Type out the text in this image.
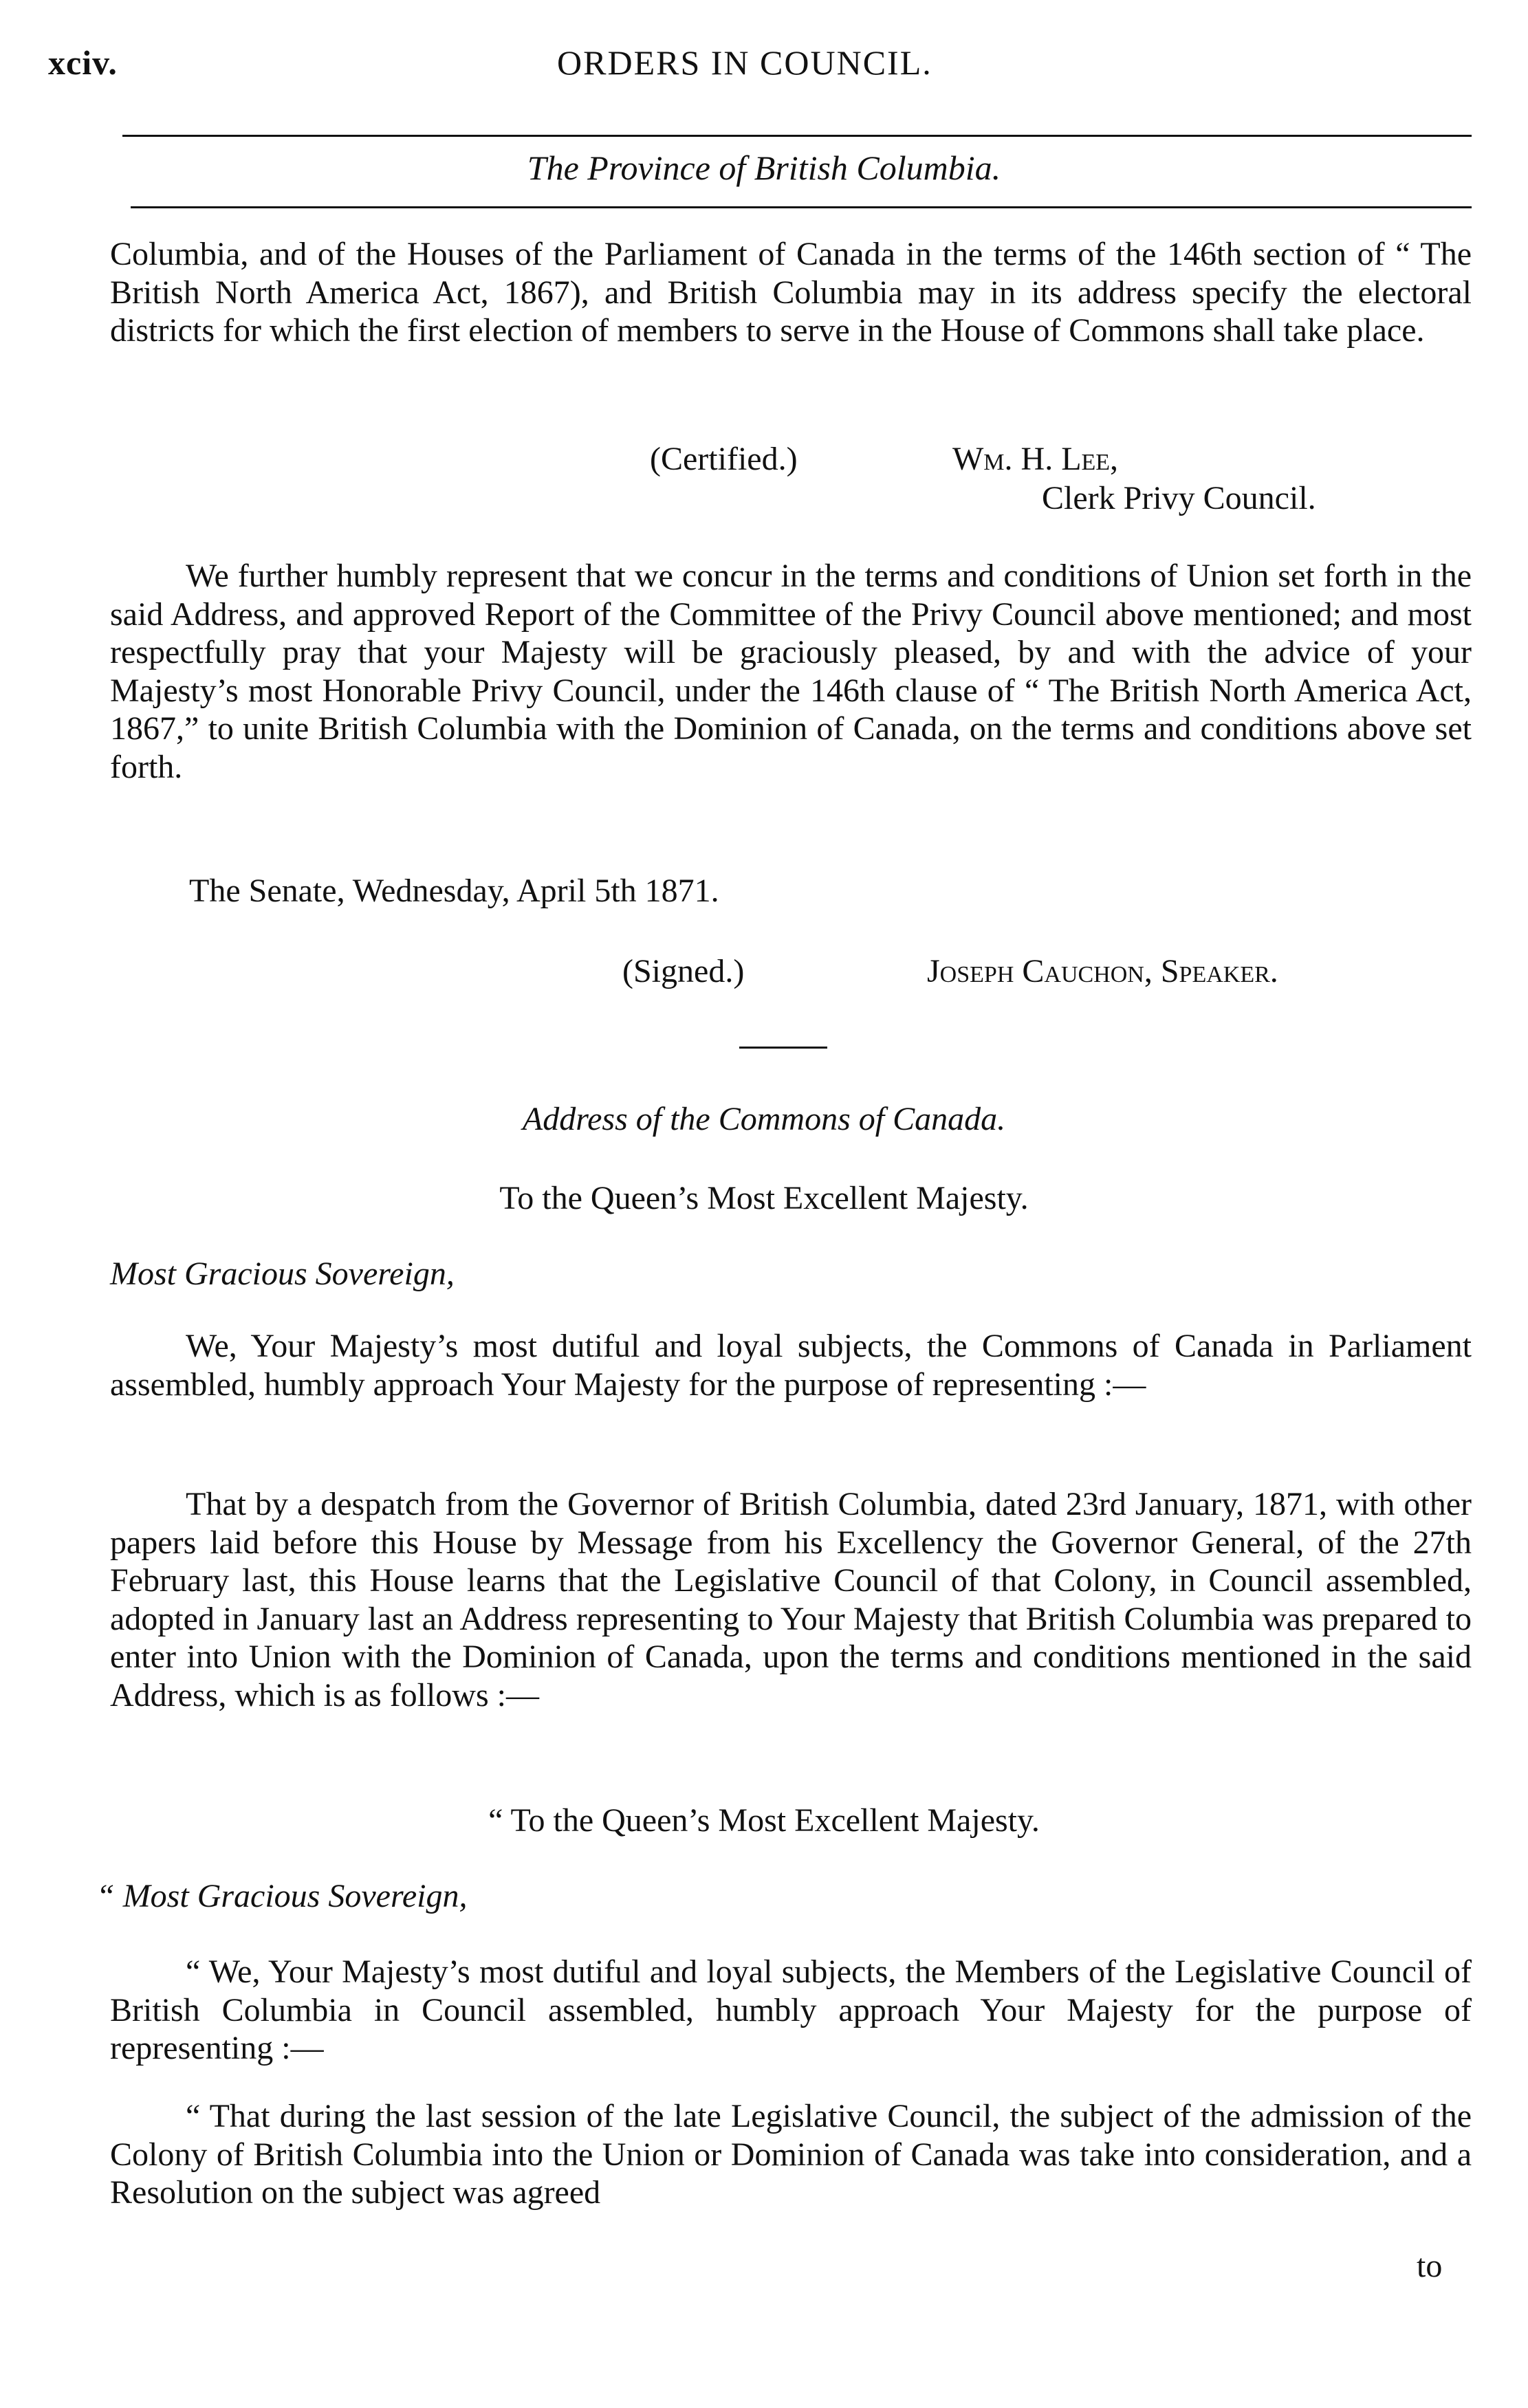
xciv.	ORDERS IN COUNCIL.
The Province of British Columbia.
Columbia, and of the Houses of the Parliament of Canada in the terms of the 146th section of “ The British North America Act, 1867), and British Columbia may in its address specify the electoral districts for which the first election of members to serve in the House of Commons shall take place.
(Certified.)	Wm. H. Lee,
Clerk Privy Council.
We further humbly represent that we concur in the terms and conditions of Union set forth in the said Address, and approved Report of the Committee of the Privy Council above mentioned; and most respectfully pray that your Majesty will be graciously pleased, by and with the advice of your Majesty’s most Honorable Privy Council, under the 146th clause of “ The British North America Act, 1867,” to unite British Columbia with the Dominion of Canada, on the terms and conditions above set forth.
The Senate, Wednesday, April 5th 1871.
(Signed.)	Joseph Cauchon, Speaker.
Address of the Commons of Canada.
To the Queen’s Most Excellent Majesty.
Most Gracious Sovereign,
We, Your Majesty’s most dutiful and loyal subjects, the Commons of Canada in Parliament assembled, humbly approach Your Majesty for the purpose of representing :—
That by a despatch from the Governor of British Columbia, dated 23rd January, 1871, with other papers laid before this House by Message from his Excellency the Governor General, of the 27th February last, this House learns that the Legislative Council of that Colony, in Council assembled, adopted in January last an Address representing to Your Majesty that British Columbia was prepared to enter into Union with the Dominion of Canada, upon the terms and conditions mentioned in the said Address, which is as follows :—
“ To the Queen’s Most Excellent Majesty.
“ Most Gracious Sovereign,
“ We, Your Majesty’s most dutiful and loyal subjects, the Members of the Legislative Council of British Columbia in Council assembled, humbly approach Your Majesty for the purpose of representing :—
“ That during the last session of the late Legislative Council, the subject of the admission of the Colony of British Columbia into the Union or Dominion of Canada was take into consideration, and a Resolution on the subject was agreed
to
